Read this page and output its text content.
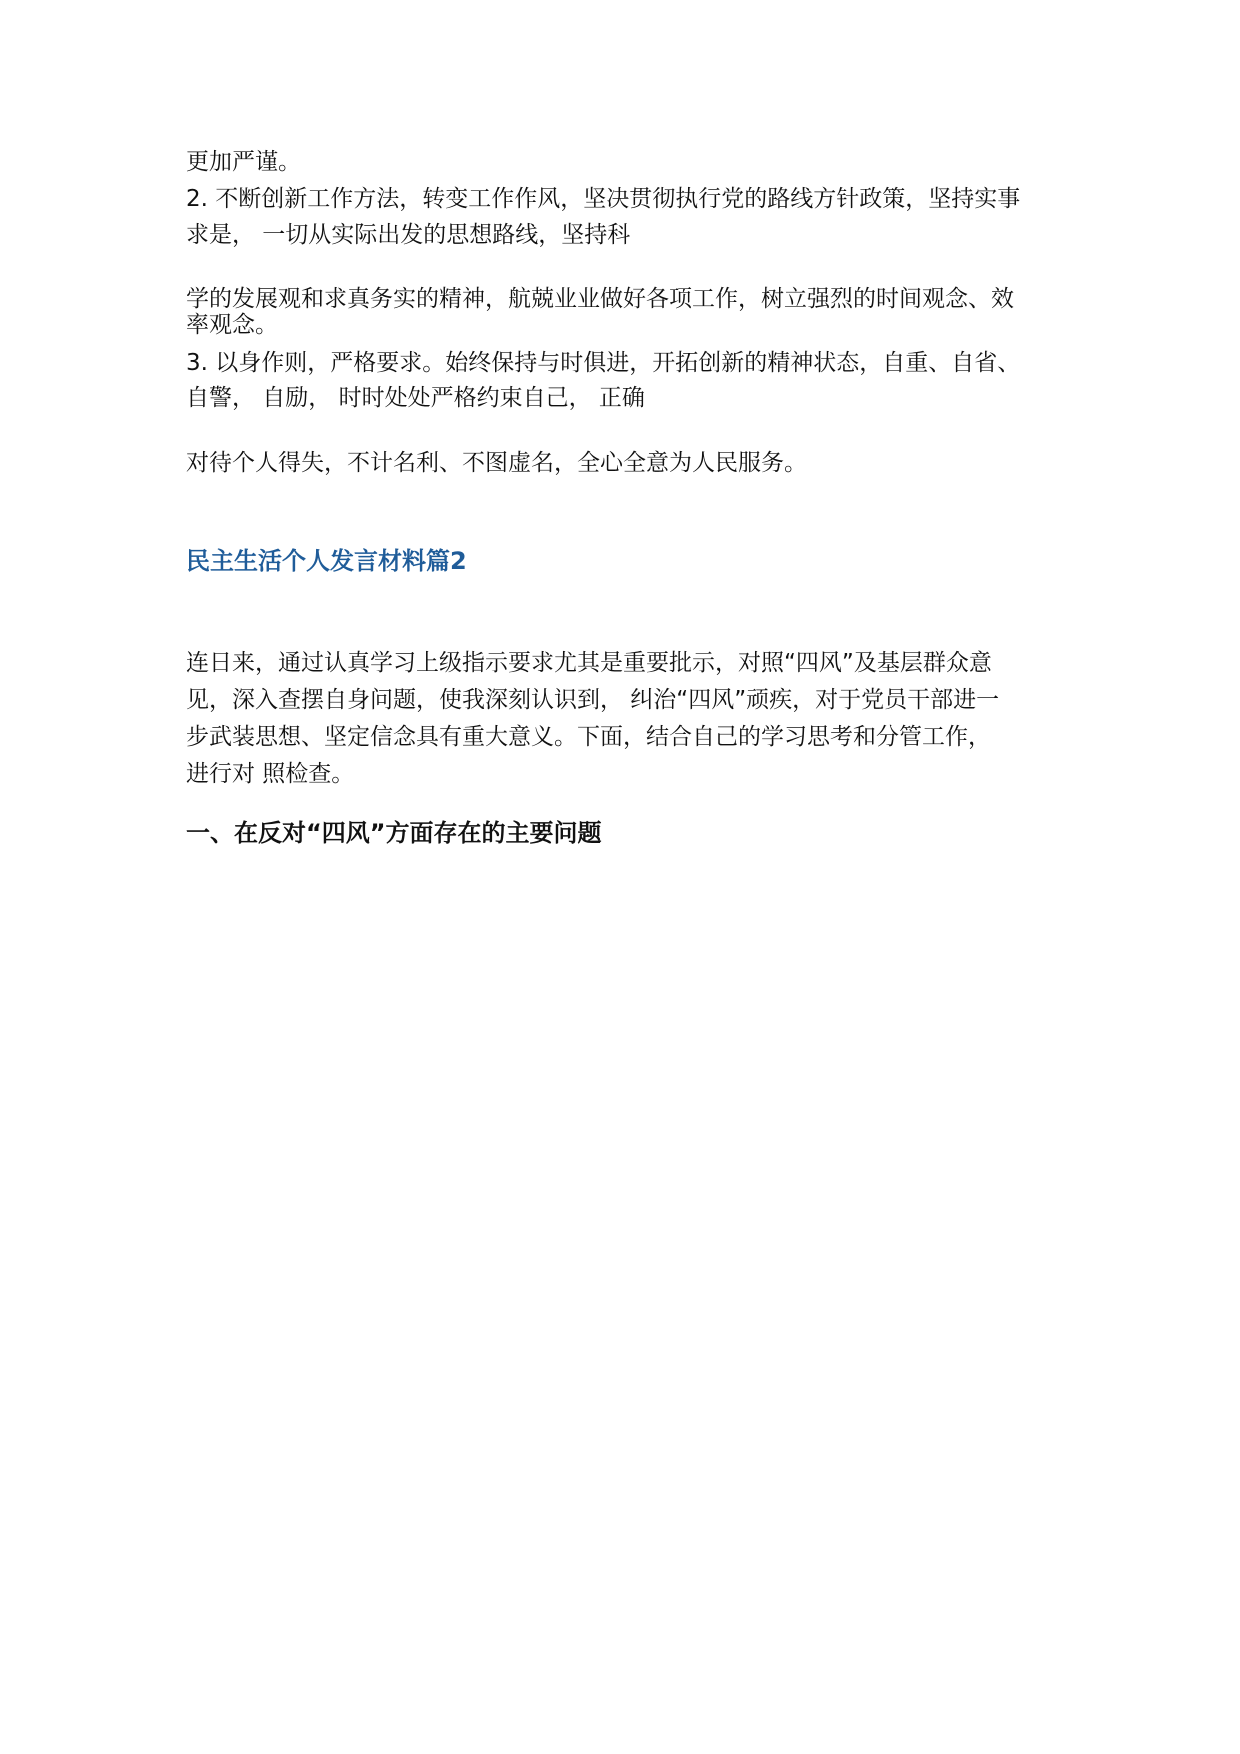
更加严谨。
2. 不断创新工作方法，转变工作作风，坚决贯彻执行党的路线方针政策，坚持实事
求是， 一切从实际出发的思想路线，坚持科
学的发展观和求真务实的精神，航兢业业做好各项工作，树立强烈的时间观念、效
率观念。
3. 以身作则，严格要求。始终保持与时俱进，开拓创新的精神状态，自重、自省、
自警， 自励， 时时处处严格约束自己， 正确
对待个人得失，不计名利、不图虚名，全心全意为人民服务。
民主生活个人发言材料篇2
连日来，通过认真学习上级指示要求尤其是重要批示，对照“四风”及基层群众意
见，深入查摆自身问题，使我深刻认识到， 纠治“四风”顽疾，对于党员干部进一
步武装思想、坚定信念具有重大意义。下面，结合自己的学习思考和分管工作，
进行对 照检查。
一、在反对“四风”方面存在的主要问题
